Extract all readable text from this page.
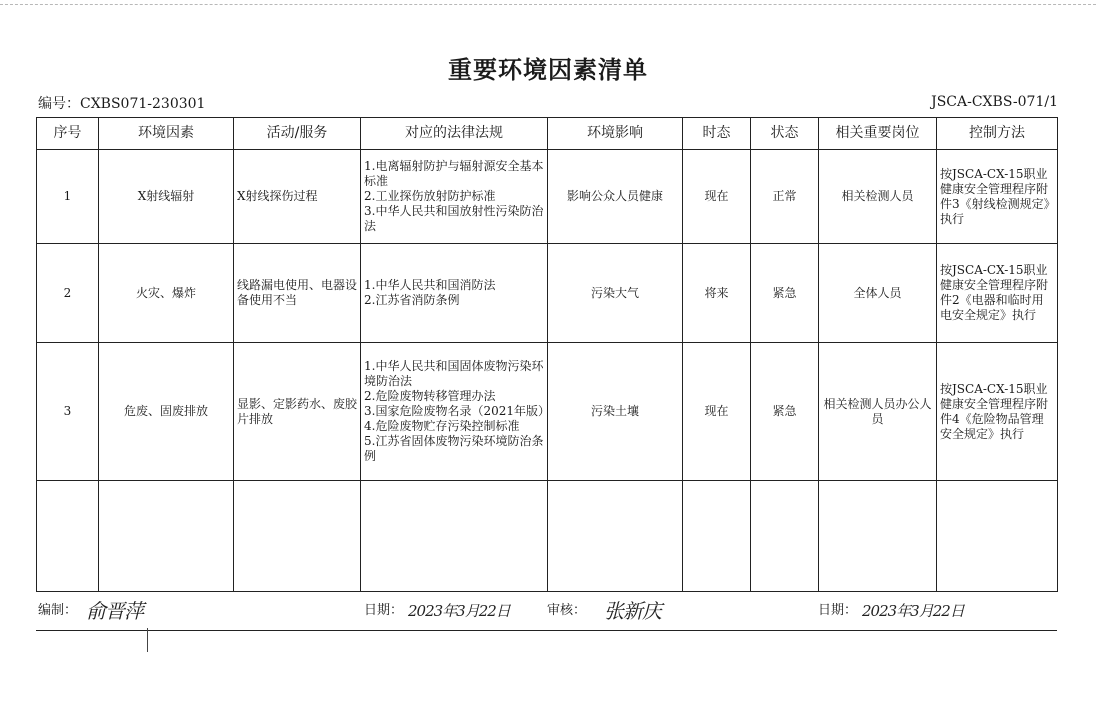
重要环境因素清单
编号：CXBS071-230301	JSCA-CXBS-071/1
序号	环境因素	活动/服务	对应的法律法规	环境影响	时态	状态	相关重要岗位	控制方法
1	X射线辐射	X射线探伤过程	1.电离辐射防护与辐射源安全基本标准
2.工业探伤放射防护标准
3.中华人民共和国放射性污染防治法	影响公众人员健康	现在	正常	相关检测人员	按JSCA-CX-15职业健康安全管理程序附件3《射线检测规定》执行
2	火灾、爆炸	线路漏电使用、电器设备使用不当	1.中华人民共和国消防法
2.江苏省消防条例	污染大气	将来	紧急	全体人员	按JSCA-CX-15职业健康安全管理程序附件2《电器和临时用电安全规定》执行
3	危废、固废排放	显影、定影药水、废胶片排放	1.中华人民共和国固体废物污染环境防治法
2.危险废物转移管理办法
3.国家危险废物名录（2021年版）
4.危险废物贮存污染控制标准
5.江苏省固体废物污染环境防治条例	污染土壤	现在	紧急	相关检测人员办公人员	按JSCA-CX-15职业健康安全管理程序附件4《危险物品管理安全规定》执行

编制： 俞晋萍	日期： 2023年3月22日	审核： 张新庆	日期： 2023年3月22日
